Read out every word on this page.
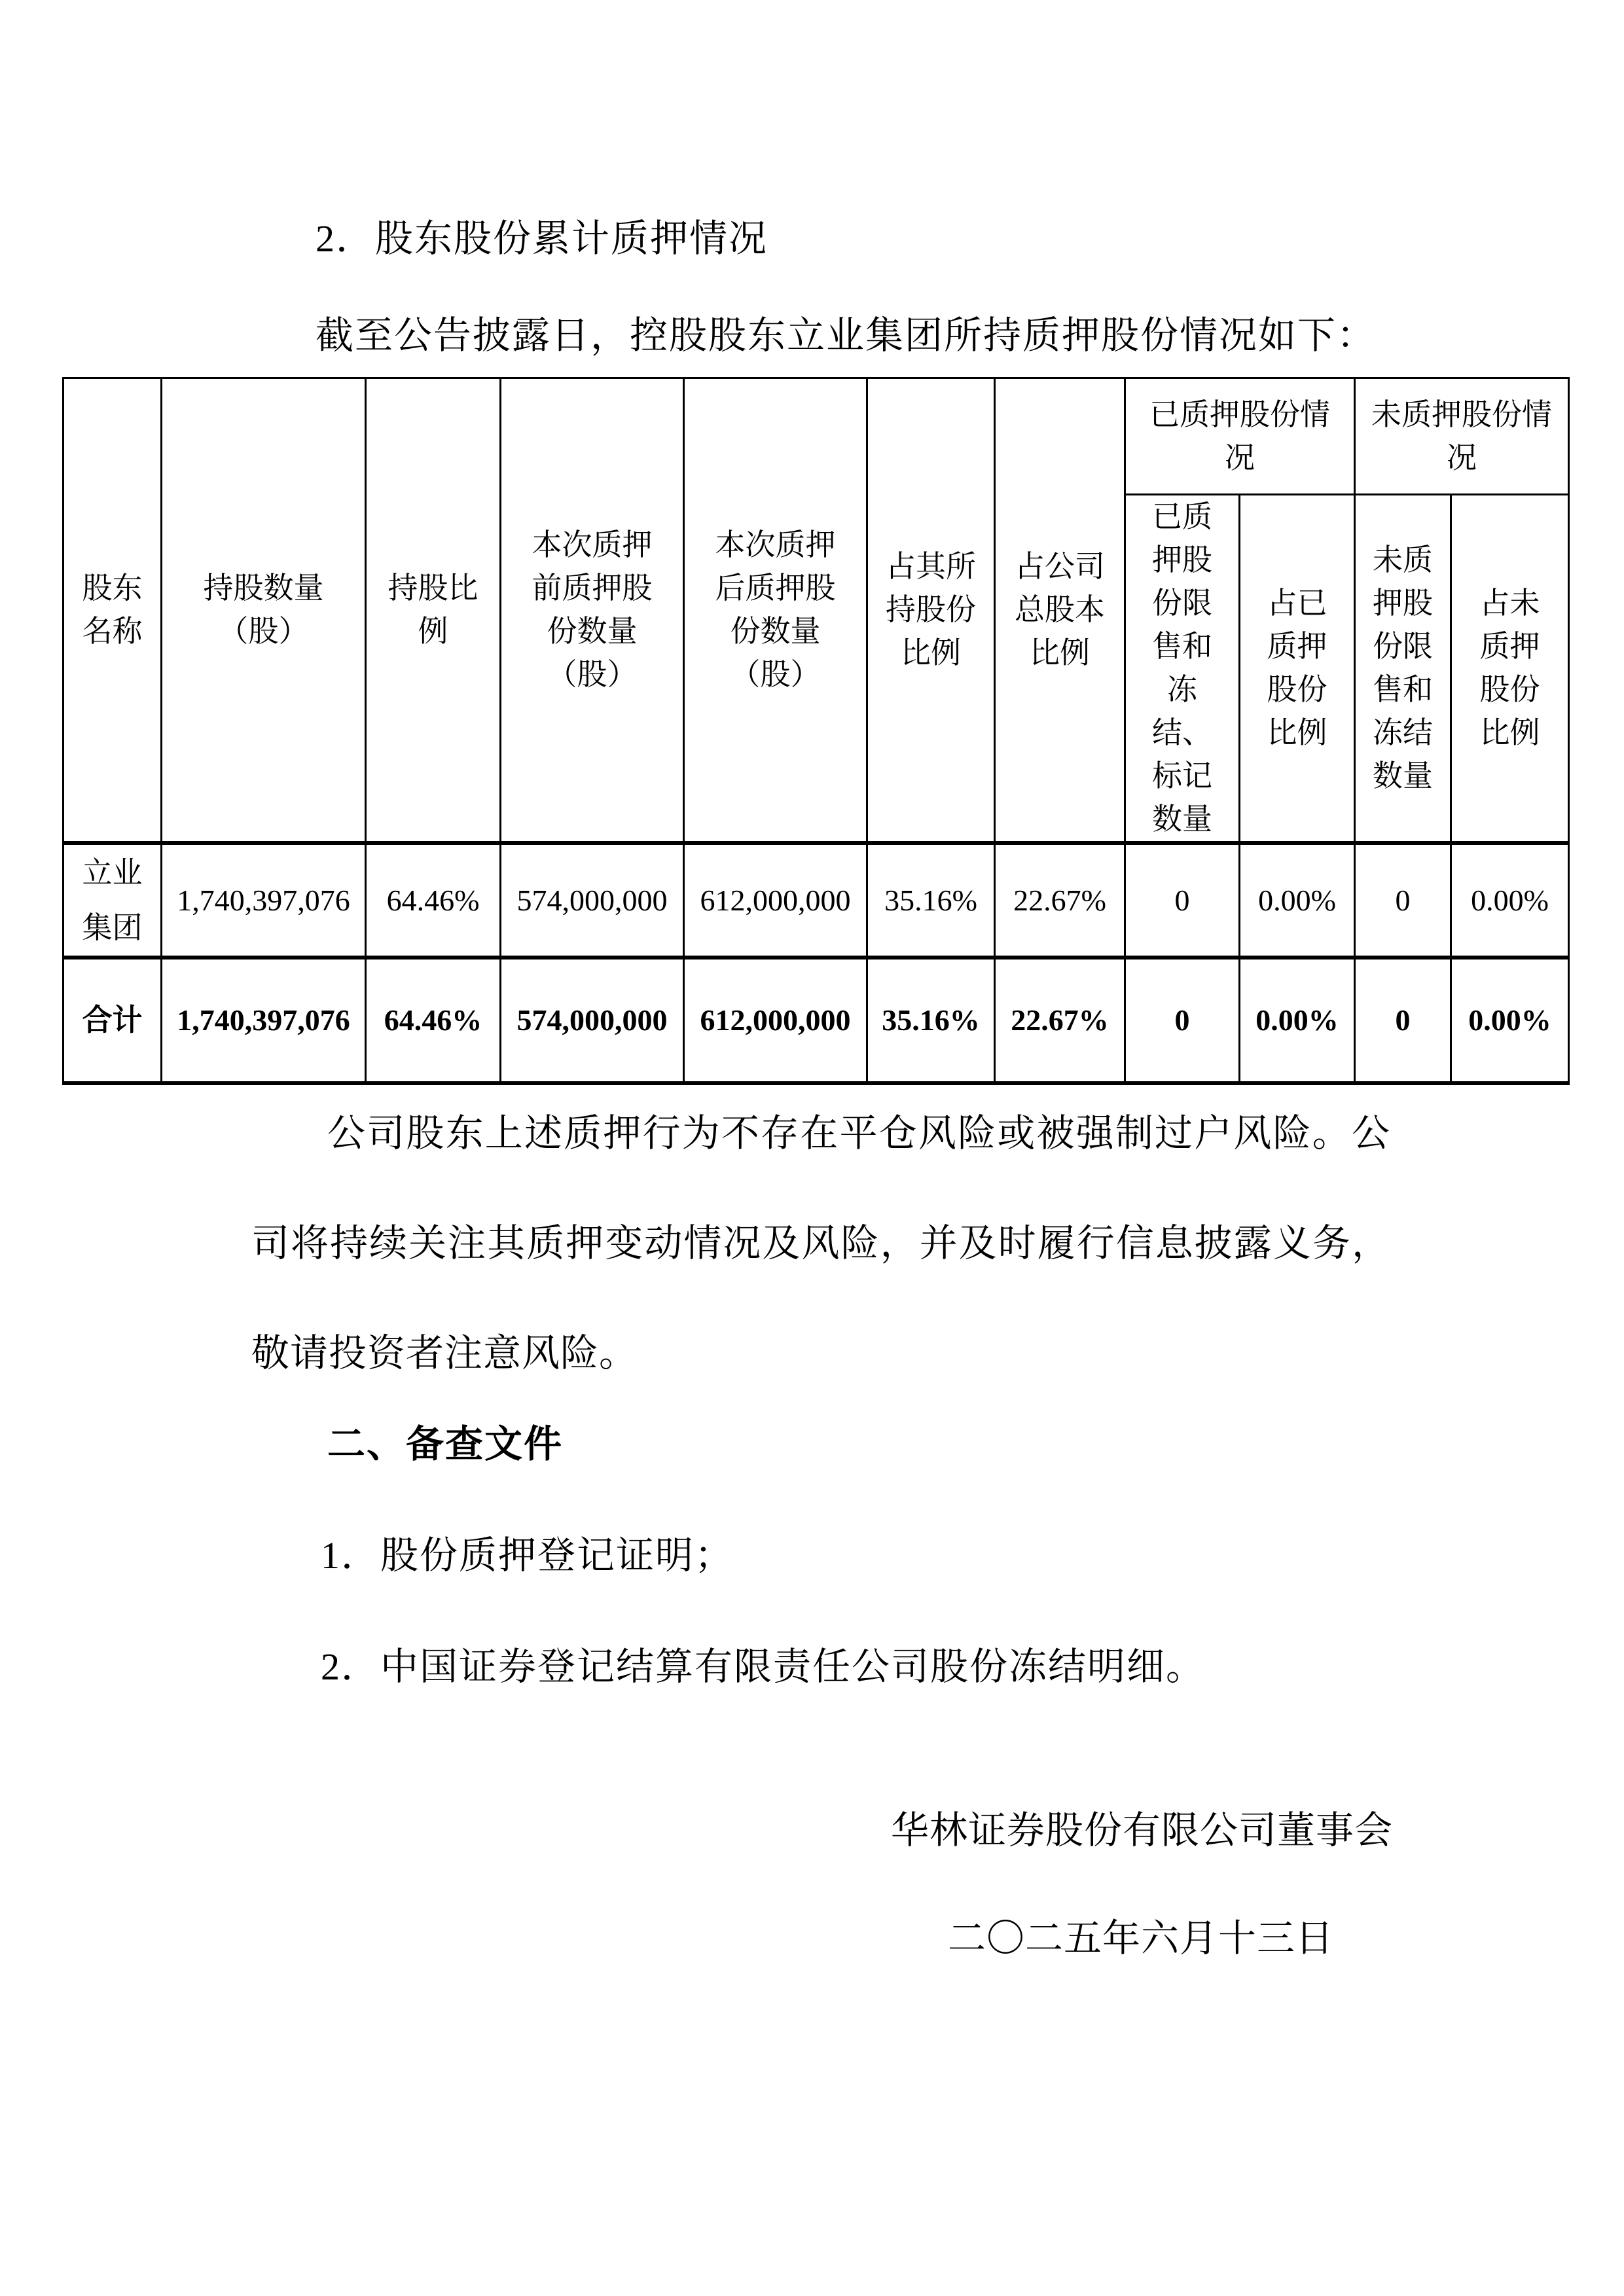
2．股东股份累计质押情况
截至公告披露日，控股股东立业集团所持质押股份情况如下：
股东名称	持股数量（股）	持股比例	本次质押前质押股份数量（股）	本次质押后质押股份数量（股）	占其所持股份比例	占公司总股本比例	已质押股份情况		未质押股份情况	
							已质押股份限售和冻结、标记数量	占已质押股份比例	未质押股份限售和冻结数量	占未质押股份比例
立业集团	1,740,397,076	64.46%	574,000,000	612,000,000	35.16%	22.67%	0	0.00%	0	0.00%
合计	1,740,397,076	64.46%	574,000,000	612,000,000	35.16%	22.67%	0	0.00%	0	0.00%
公司股东上述质押行为不存在平仓风险或被强制过户风险。公司将持续关注其质押变动情况及风险，并及时履行信息披露义务，敬请投资者注意风险。
二、备查文件
1．股份质押登记证明；
2．中国证券登记结算有限责任公司股份冻结明细。
华林证券股份有限公司董事会
二〇二五年六月十三日
